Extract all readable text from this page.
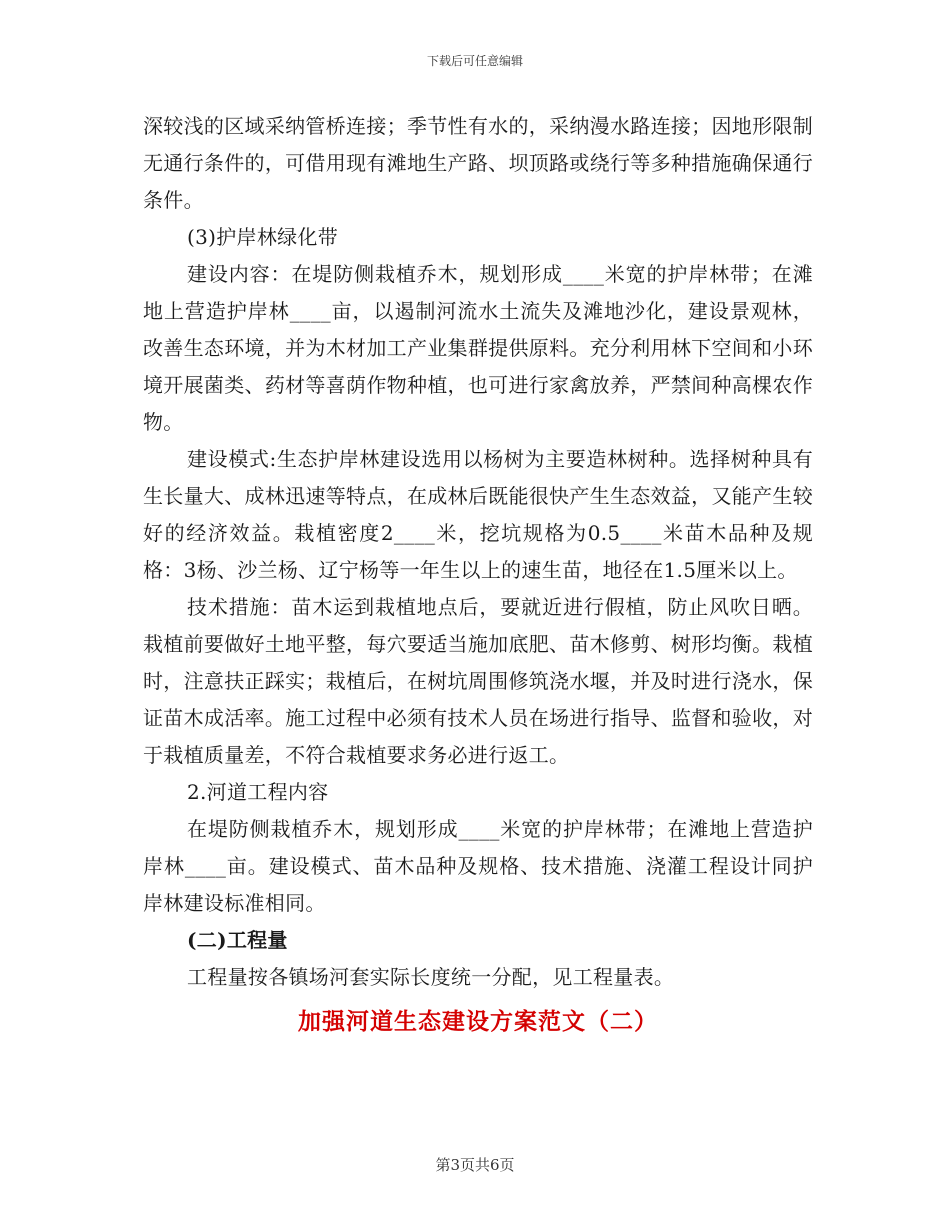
下载后可任意编辑

深较浅的区域采纳管桥连接；季节性有水的，采纳漫水路连接；因地形限制无通行条件的，可借用现有滩地生产路、坝顶路或绕行等多种措施确保通行条件。

(3)护岸林绿化带

建设内容：在堤防侧栽植乔木，规划形成____米宽的护岸林带；在滩地上营造护岸林____亩，以遏制河流水土流失及滩地沙化，建设景观林，改善生态环境，并为木材加工产业集群提供原料。充分利用林下空间和小环境开展菌类、药材等喜荫作物种植，也可进行家禽放养，严禁间种高棵农作物。

建设模式:生态护岸林建设选用以杨树为主要造林树种。选择树种具有生长量大、成林迅速等特点，在成林后既能很快产生生态效益，又能产生较好的经济效益。栽植密度2____米，挖坑规格为0.5____米苗木品种及规格：3杨、沙兰杨、辽宁杨等一年生以上的速生苗，地径在1.5厘米以上。

技术措施：苗木运到栽植地点后，要就近进行假植，防止风吹日晒。栽植前要做好土地平整，每穴要适当施加底肥、苗木修剪、树形均衡。栽植时，注意扶正踩实；栽植后，在树坑周围修筑浇水堰，并及时进行浇水，保证苗木成活率。施工过程中必须有技术人员在场进行指导、监督和验收，对于栽植质量差，不符合栽植要求务必进行返工。

2.河道工程内容

在堤防侧栽植乔木，规划形成____米宽的护岸林带；在滩地上营造护岸林____亩。建设模式、苗木品种及规格、技术措施、浇灌工程设计同护岸林建设标准相同。

(二)工程量

工程量按各镇场河套实际长度统一分配，见工程量表。

加强河道生态建设方案范文（二）

第3页共6页
